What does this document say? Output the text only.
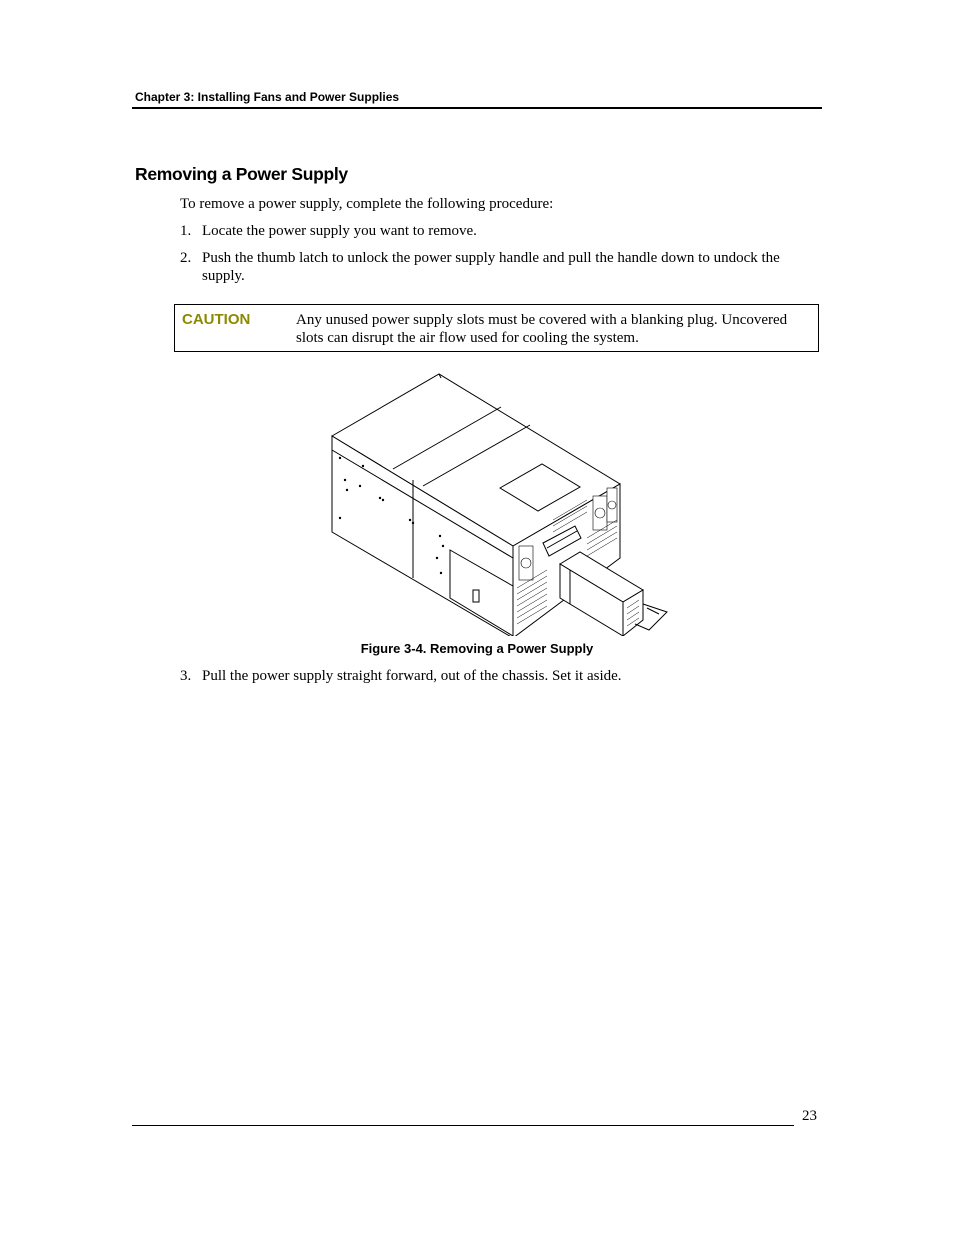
Chapter 3: Installing Fans and Power Supplies
Removing a Power Supply
To remove a power supply, complete the following procedure:
1. Locate the power supply you want to remove.
2. Push the thumb latch to unlock the power supply handle and pull the handle down to undock the supply.
CAUTION	Any unused power supply slots must be covered with a blanking plug. Uncovered slots can disrupt the air flow used for cooling the system.
Figure 3-4. Removing a Power Supply
3. Pull the power supply straight forward, out of the chassis. Set it aside.
23
